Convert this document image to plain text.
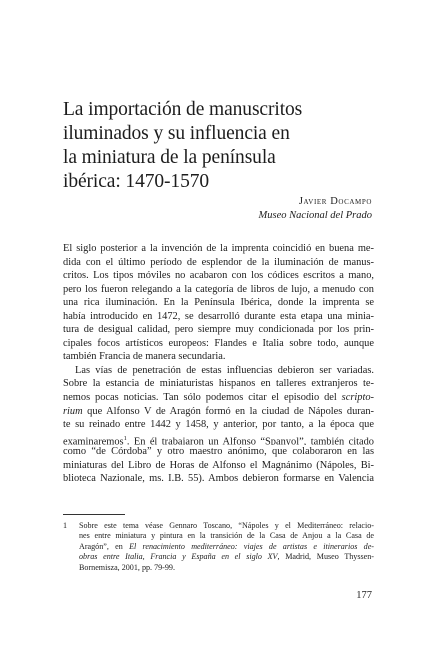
La importación de manuscritos
iluminados y su influencia en
la miniatura de la península
ibérica: 1470-1570
Javier Docampo
Museo Nacional del Prado
El siglo posterior a la invención de la imprenta coincidió en buena me-
dida con el último período de esplendor de la iluminación de manus-
critos. Los tipos móviles no acabaron con los códices escritos a mano,
pero los fueron relegando a la categoría de libros de lujo, a menudo con
una rica iluminación. En la Península Ibérica, donde la imprenta se
había introducido en 1472, se desarrolló durante esta etapa una minia-
tura de desigual calidad, pero siempre muy condicionada por los prin-
cipales focos artísticos europeos: Flandes e Italia sobre todo, aunque
también Francia de manera secundaria.
Las vías de penetración de estas influencias debieron ser variadas.
Sobre la estancia de miniaturistas hispanos en talleres extranjeros te-
nemos pocas noticias. Tan sólo podemos citar el episodio del scripto-
rium que Alfonso V de Aragón formó en la ciudad de Nápoles duran-
te su reinado entre 1442 y 1458, y anterior, por tanto, a la época que
examinaremos$^1$. En él trabajaron un Alfonso “Spanyol”, también citado
como “de Córdoba” y otro maestro anónimo, que colaboraron en las
miniaturas del Libro de Horas de Alfonso el Magnánimo (Nápoles, Bi-
blioteca Nazionale, ms. I.B. 55). Ambos debieron formarse en Valencia
1 Sobre este tema véase Gennaro Toscano, “Nápoles y el Mediterráneo: relacio-
nes entre miniatura y pintura en la transición de la Casa de Anjou a la Casa de
Aragón”, en El renacimiento mediterráneo: viajes de artistas e itinerarios de-
obras entre Italia, Francia y España en el siglo XV, Madrid, Museo Thyssen-
Bornemisza, 2001, pp. 79-99.
177
